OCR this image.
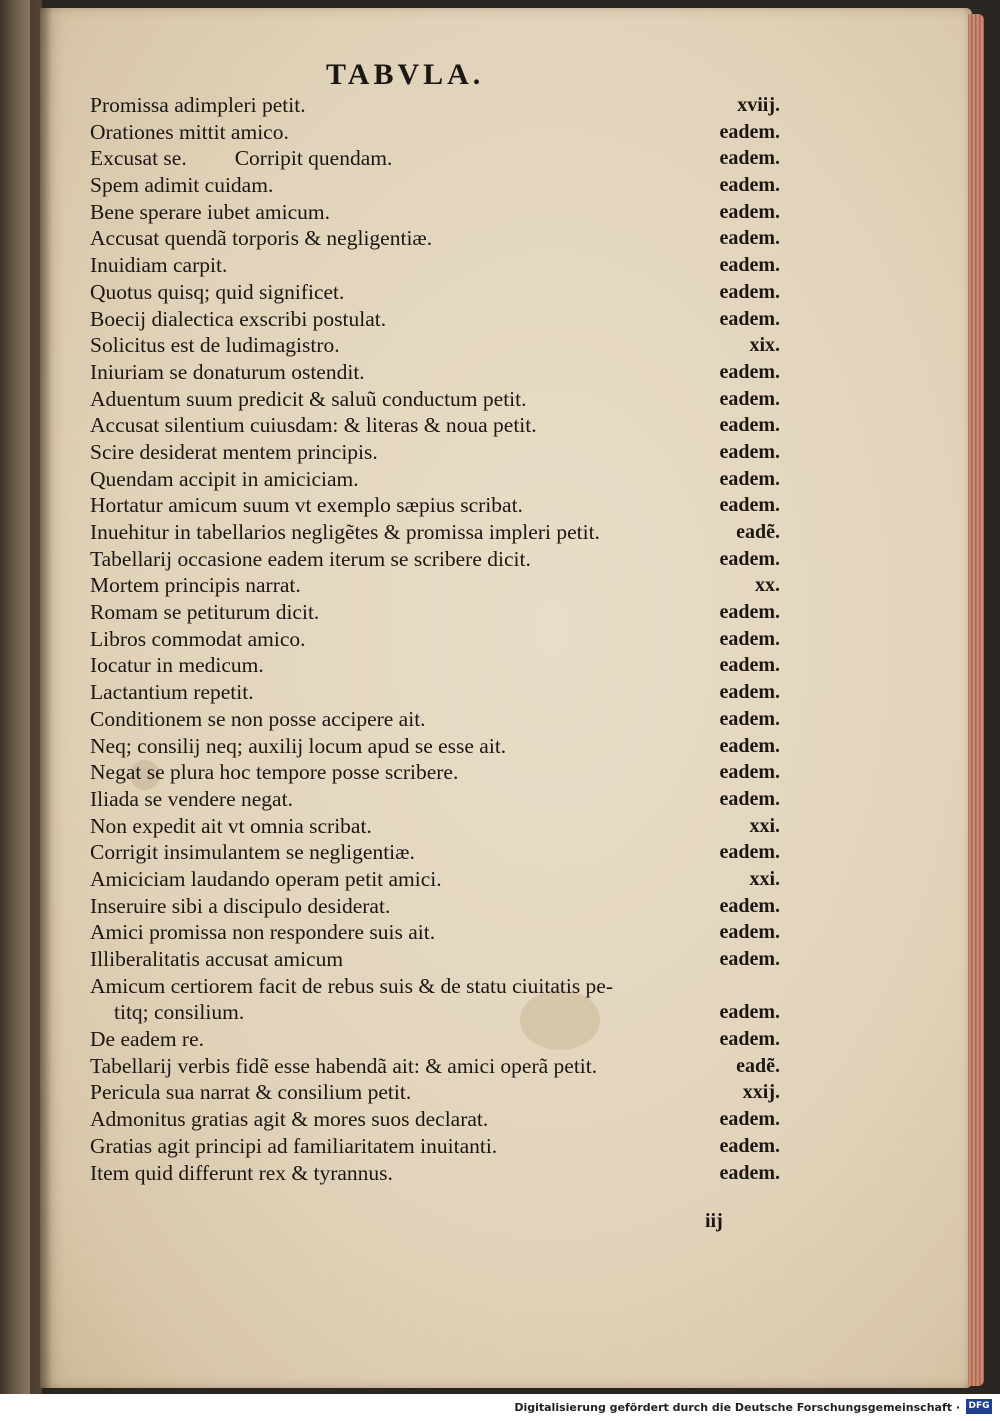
TABVLA.
Promissa adimpleri petit.	xviij.
Orationes mittit amico.	eadem.
Excusat se. Corripit quendam.	eadem.
Spem adimit cuidam.	eadem.
Bene sperare iubet amicum.	eadem.
Accusat quendã torporis & negligentiæ.	eadem.
Inuidiam carpit.	eadem.
Quotus quisq; quid significet.	eadem.
Boecij dialectica exscribi postulat.	eadem.
Solicitus est de ludimagistro.	xix.
Iniuriam se donaturum ostendit.	eadem.
Aduentum suum predicit & saluũ conductum petit.	eadem.
Accusat silentium cuiusdam: & literas & noua petit.	eadem.
Scire desiderat mentem principis.	eadem.
Quendam accipit in amiciciam.	eadem.
Hortatur amicum suum vt exemplo sæpius scribat.	eadem.
Inuehitur in tabellarios negligẽtes & promissa impleri petit.	eadẽ.
Tabellarij occasione eadem iterum se scribere dicit.	eadem.
Mortem principis narrat.	xx.
Romam se petiturum dicit.	eadem.
Libros commodat amico.	eadem.
Iocatur in medicum.	eadem.
Lactantium repetit.	eadem.
Conditionem se non posse accipere ait.	eadem.
Neq; consilij neq; auxilij locum apud se esse ait.	eadem.
Negat se plura hoc tempore posse scribere.	eadem.
Iliada se vendere negat.	eadem.
Non expedit ait vt omnia scribat.	xxi.
Corrigit insimulantem se negligentiæ.	eadem.
Amiciciam laudando operam petit amici.	xxi.
Inseruire sibi a discipulo desiderat.	eadem.
Amici promissa non respondere suis ait.	eadem.
Illiberalitatis accusat amicum	eadem.
Amicum certiorem facit de rebus suis & de statu ciuitatis pe-
titq; consilium.	eadem.
De eadem re.	eadem.
Tabellarij verbis fidẽ esse habendã ait: & amici operã petit.	eadẽ.
Pericula sua narrat & consilium petit.	xxij.
Admonitus gratias agit & mores suos declarat.	eadem.
Gratias agit principi ad familiaritatem inuitanti.	eadem.
Item quid differunt rex & tyrannus.	eadem.
iij
Digitalisierung gefördert durch die Deutsche Forschungsgemeinschaft · DFG
